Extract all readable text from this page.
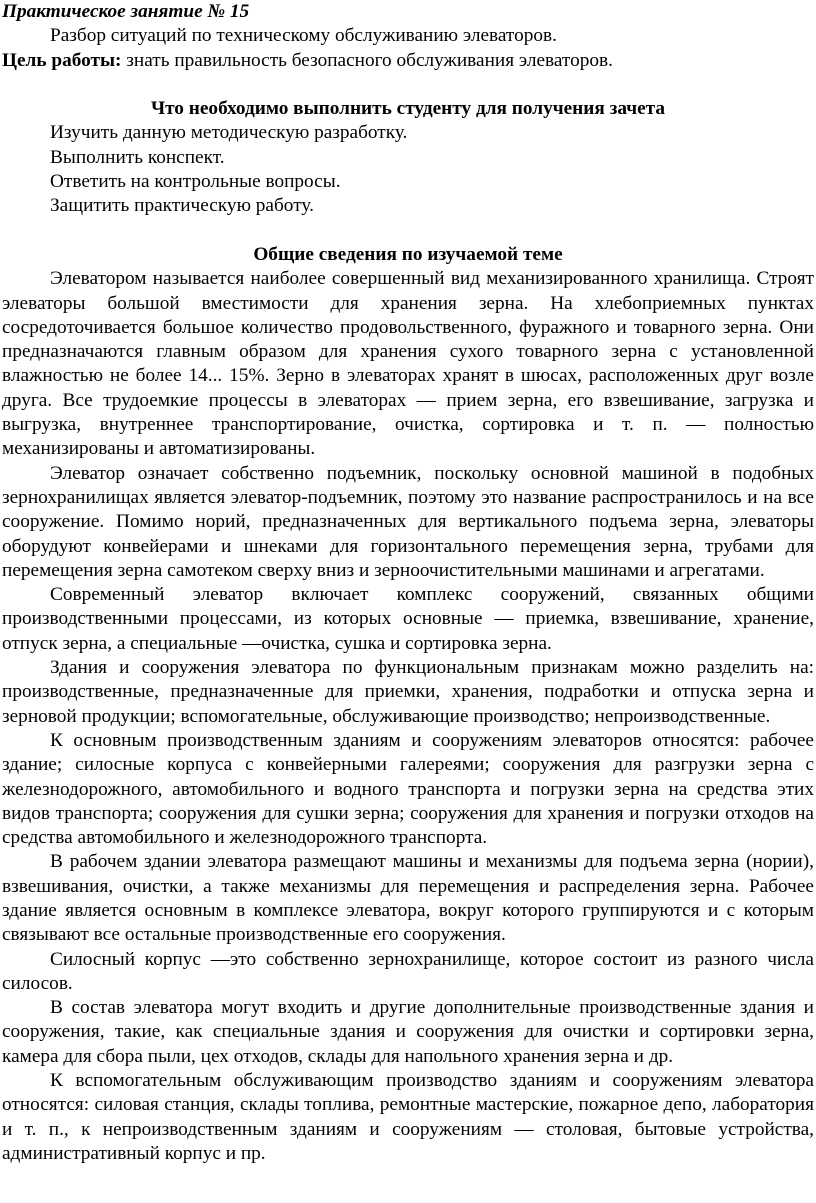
Практическое занятие № 15

Разбор ситуаций по техническому обслуживанию элеваторов.

Цель работы: знать правильность безопасного обслуживания элеваторов.

Что необходимо выполнить студенту для получения зачета

Изучить данную методическую разработку.

Выполнить конспект.

Ответить на контрольные вопросы.

Защитить практическую работу.

Общие сведения по изучаемой теме

Элеватором называется наиболее совершенный вид механизированного хранилища. Строят элеваторы большой вместимости для хранения зерна. На хлебоприемных пунктах сосредоточивается большое количество продовольственного, фуражного и товарного зерна. Они предназначаются главным образом для хранения сухого товарного зерна с установленной влажностью не более 14... 15%. Зерно в элеваторах хранят в шюсах, расположенных друг возле друга. Все трудоемкие процессы в элеваторах — прием зерна, его взвешивание, загрузка и выгрузка, внутреннее транспортирование, очистка, сортировка и т. п. — полностью механизированы и автоматизированы.

Элеватор означает собственно подъемник, поскольку основной машиной в подобных зернохранилищах является элеватор-подъемник, поэтому это название распространилось и на все сооружение. Помимо норий, предназначенных для вертикального подъема зерна, элеваторы оборудуют конвейерами и шнеками для горизонтального перемещения зерна, трубами для перемещения зерна самотеком сверху вниз и зерноочистительными машинами и агрегатами.

Современный элеватор включает комплекс сооружений, связанных общими производственными процессами, из которых основные — приемка, взвешивание, хранение, отпуск зерна, а специальные —очистка, сушка и сортировка зерна.

Здания и сооружения элеватора по функциональным признакам можно разделить на: производственные, предназначенные для приемки, хранения, подработки и отпуска зерна и зерновой продукции; вспомогательные, обслуживающие производство; непроизводственные.

К основным производственным зданиям и сооружениям элеваторов относятся: рабочее здание; силосные корпуса с конвейерными галереями; сооружения для разгрузки зерна с железнодорожного, автомобильного и водного транспорта и погрузки зерна на средства этих видов транспорта; сооружения для сушки зерна; сооружения для хранения и погрузки отходов на средства автомобильного и железнодорожного транспорта.

В рабочем здании элеватора размещают машины и механизмы для подъема зерна (нории), взвешивания, очистки, а также механизмы для перемещения и распределения зерна. Рабочее здание является основным в комплексе элеватора, вокруг которого группируются и с которым связывают все остальные производственные его сооружения.

Силосный корпус —это собственно зернохранилище, которое состоит из разного числа силосов.

В состав элеватора могут входить и другие дополнительные производственные здания и сооружения, такие, как специальные здания и сооружения для очистки и сортировки зерна, камера для сбора пыли, цех отходов, склады для напольного хранения зерна и др.

К вспомогательным обслуживающим производство зданиям и сооружениям элеватора относятся: силовая станция, склады топлива, ремонтные мастерские, пожарное депо, лаборатория и т. п., к непроизводственным зданиям и сооружениям — столовая, бытовые устройства, административный корпус и пр.
